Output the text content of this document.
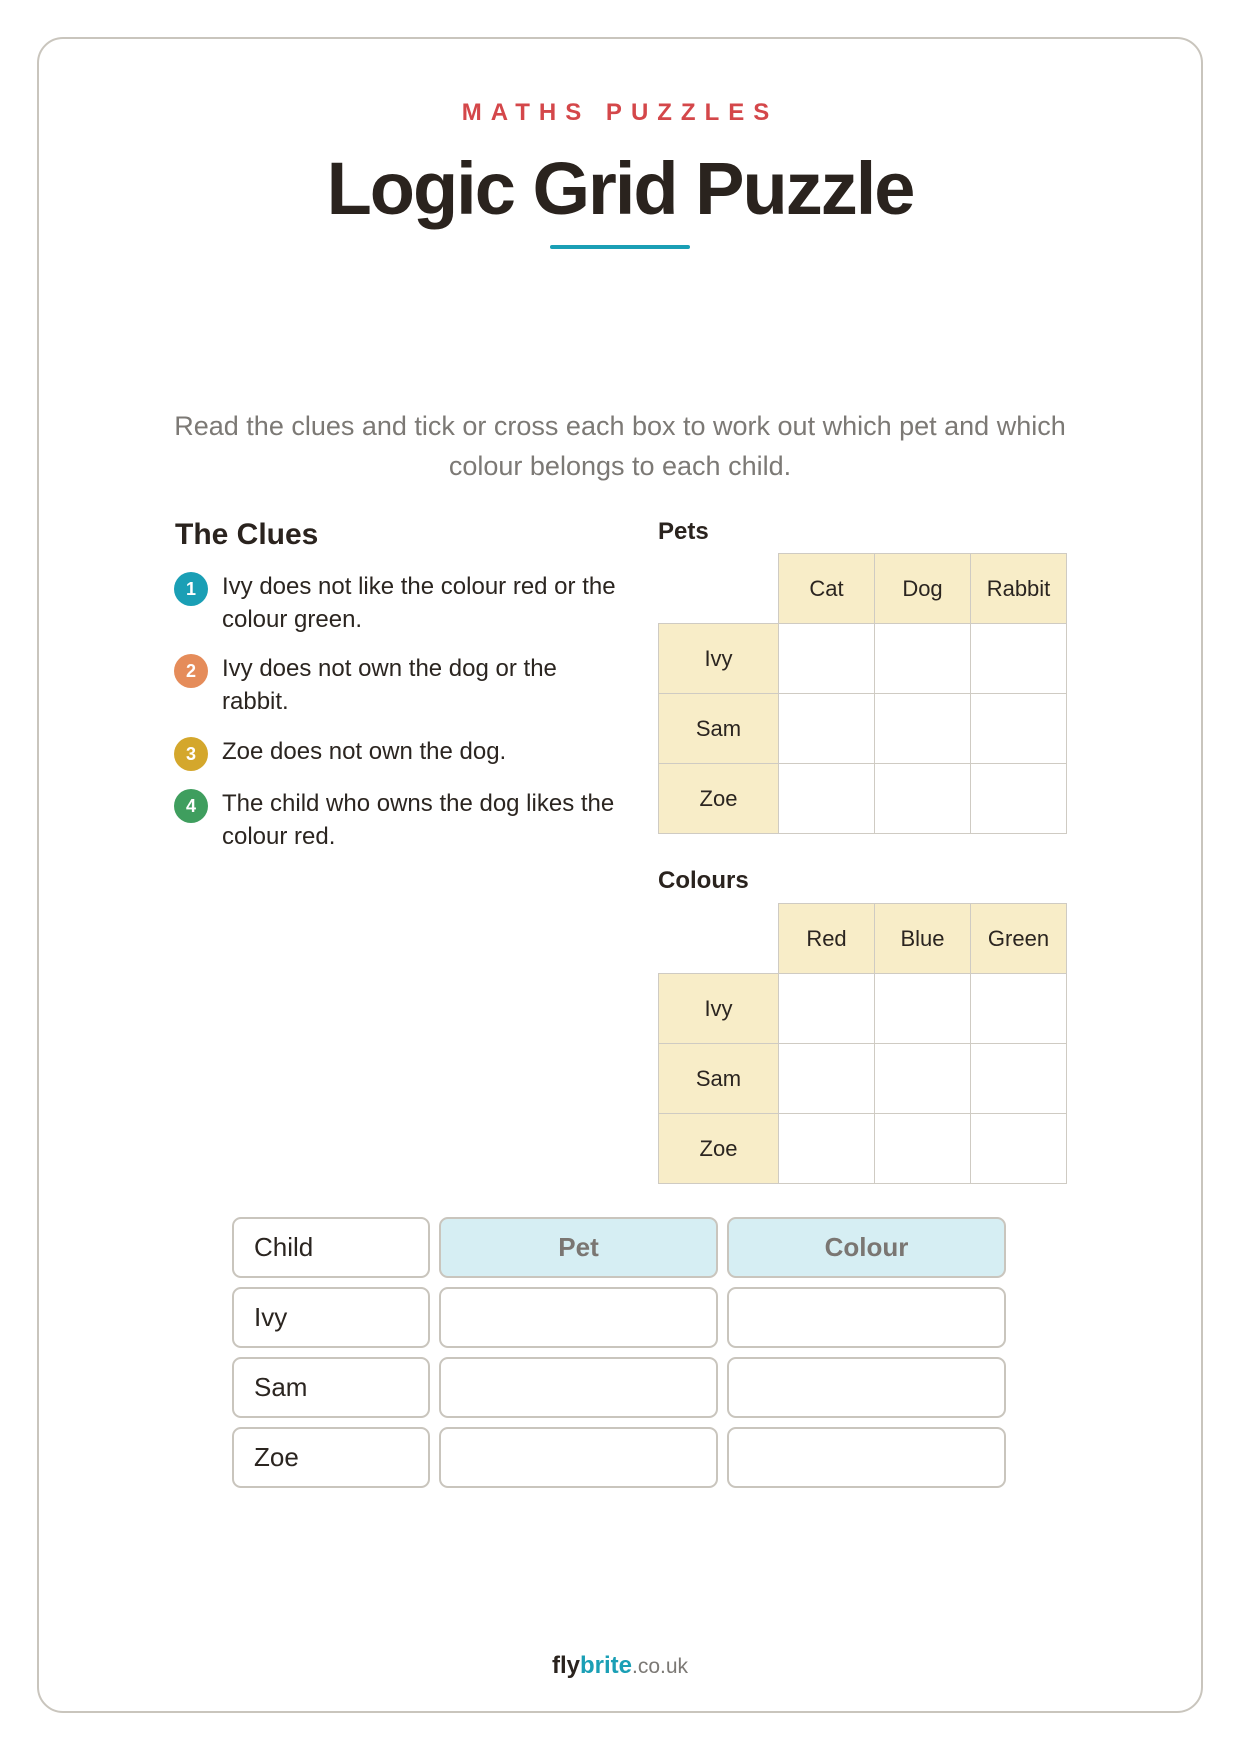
MATHS PUZZLES
Logic Grid Puzzle
Read the clues and tick or cross each box to work out which pet and which colour belongs to each child.
The Clues
1	Ivy does not like the colour red or the colour green.
2	Ivy does not own the dog or the rabbit.
3	Zoe does not own the dog.
4	The child who owns the dog likes the colour red.
Pets
	Cat	Dog	Rabbit
Ivy			
Sam			
Zoe			
Colours
	Red	Blue	Green
Ivy			
Sam			
Zoe			
Child	Pet	Colour
Ivy
Sam
Zoe
flybrite.co.uk
